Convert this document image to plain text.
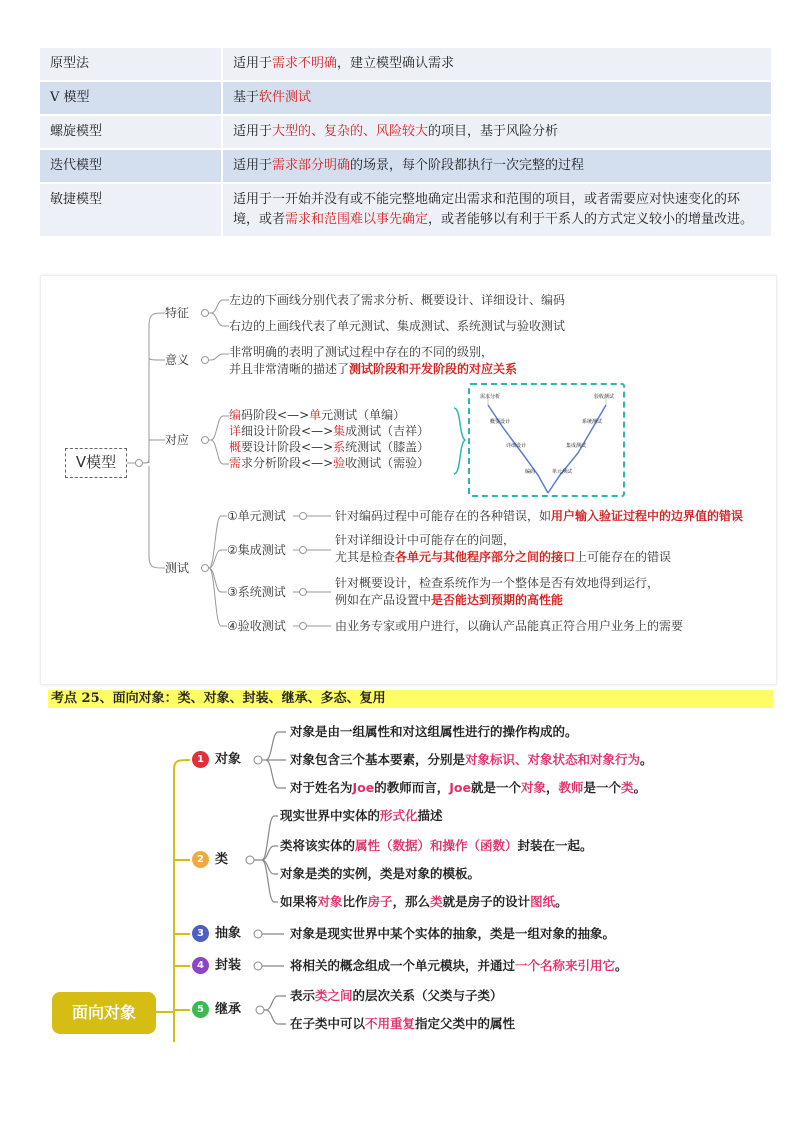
原型法	适用于需求不明确，建立模型确认需求
V 模型	基于软件测试
螺旋模型	适用于大型的、复杂的、风险较大的项目，基于风险分析
迭代模型	适用于需求部分明确的场景，每个阶段都执行一次完整的过程
敏捷模型	适用于一开始并没有或不能完整地确定出需求和范围的项目，或者需要应对快速变化的环境，或者需求和范围难以事先确定，或者能够以有利于干系人的方式定义较小的增量改进。
V模型
特征
左边的下画线分别代表了需求分析、概要设计、详细设计、编码
右边的上画线代表了单元测试、集成测试、系统测试与验收测试
意义
非常明确的表明了测试过程中存在的不同的级别，
并且非常清晰的描述了测试阶段和开发阶段的对应关系
对应
编码阶段<—>单元测试（单编）
详细设计阶段<—>集成测试（吉祥）
概要设计阶段<—>系统测试（膝盖）
需求分析阶段<—>验收测试（需验）
需求分析
概要设计
详细设计
编码	单元测试
集成测试
系统测试
验收测试
测试
①单元测试	针对编码过程中可能存在的各种错误，如用户输入验证过程中的边界值的错误
②集成测试
针对详细设计中可能存在的问题，
尤其是检查各单元与其他程序部分之间的接口上可能存在的错误
③系统测试
针对概要设计，检查系统作为一个整体是否有效地得到运行，
例如在产品设置中是否能达到预期的高性能
④验收测试	由业务专家或用户进行，以确认产品能真正符合用户业务上的需要
考点 25、面向对象：类、对象、封装、继承、多态、复用
面向对象
1 对象
2 类
3 抽象
4 封装
5 继承
对象是由一组属性和对这组属性进行的操作构成的。
对象包含三个基本要素，分别是对象标识、对象状态和对象行为。
对于姓名为Joe的教师而言，Joe就是一个对象，教师是一个类。
现实世界中实体的形式化描述
类将该实体的属性（数据）和操作（函数）封装在一起。
对象是类的实例，类是对象的模板。
如果将对象比作房子，那么类就是房子的设计图纸。
对象是现实世界中某个实体的抽象，类是一组对象的抽象。
将相关的概念组成一个单元模块，并通过一个名称来引用它。
表示类之间的层次关系（父类与子类）
在子类中可以不用重复指定父类中的属性
